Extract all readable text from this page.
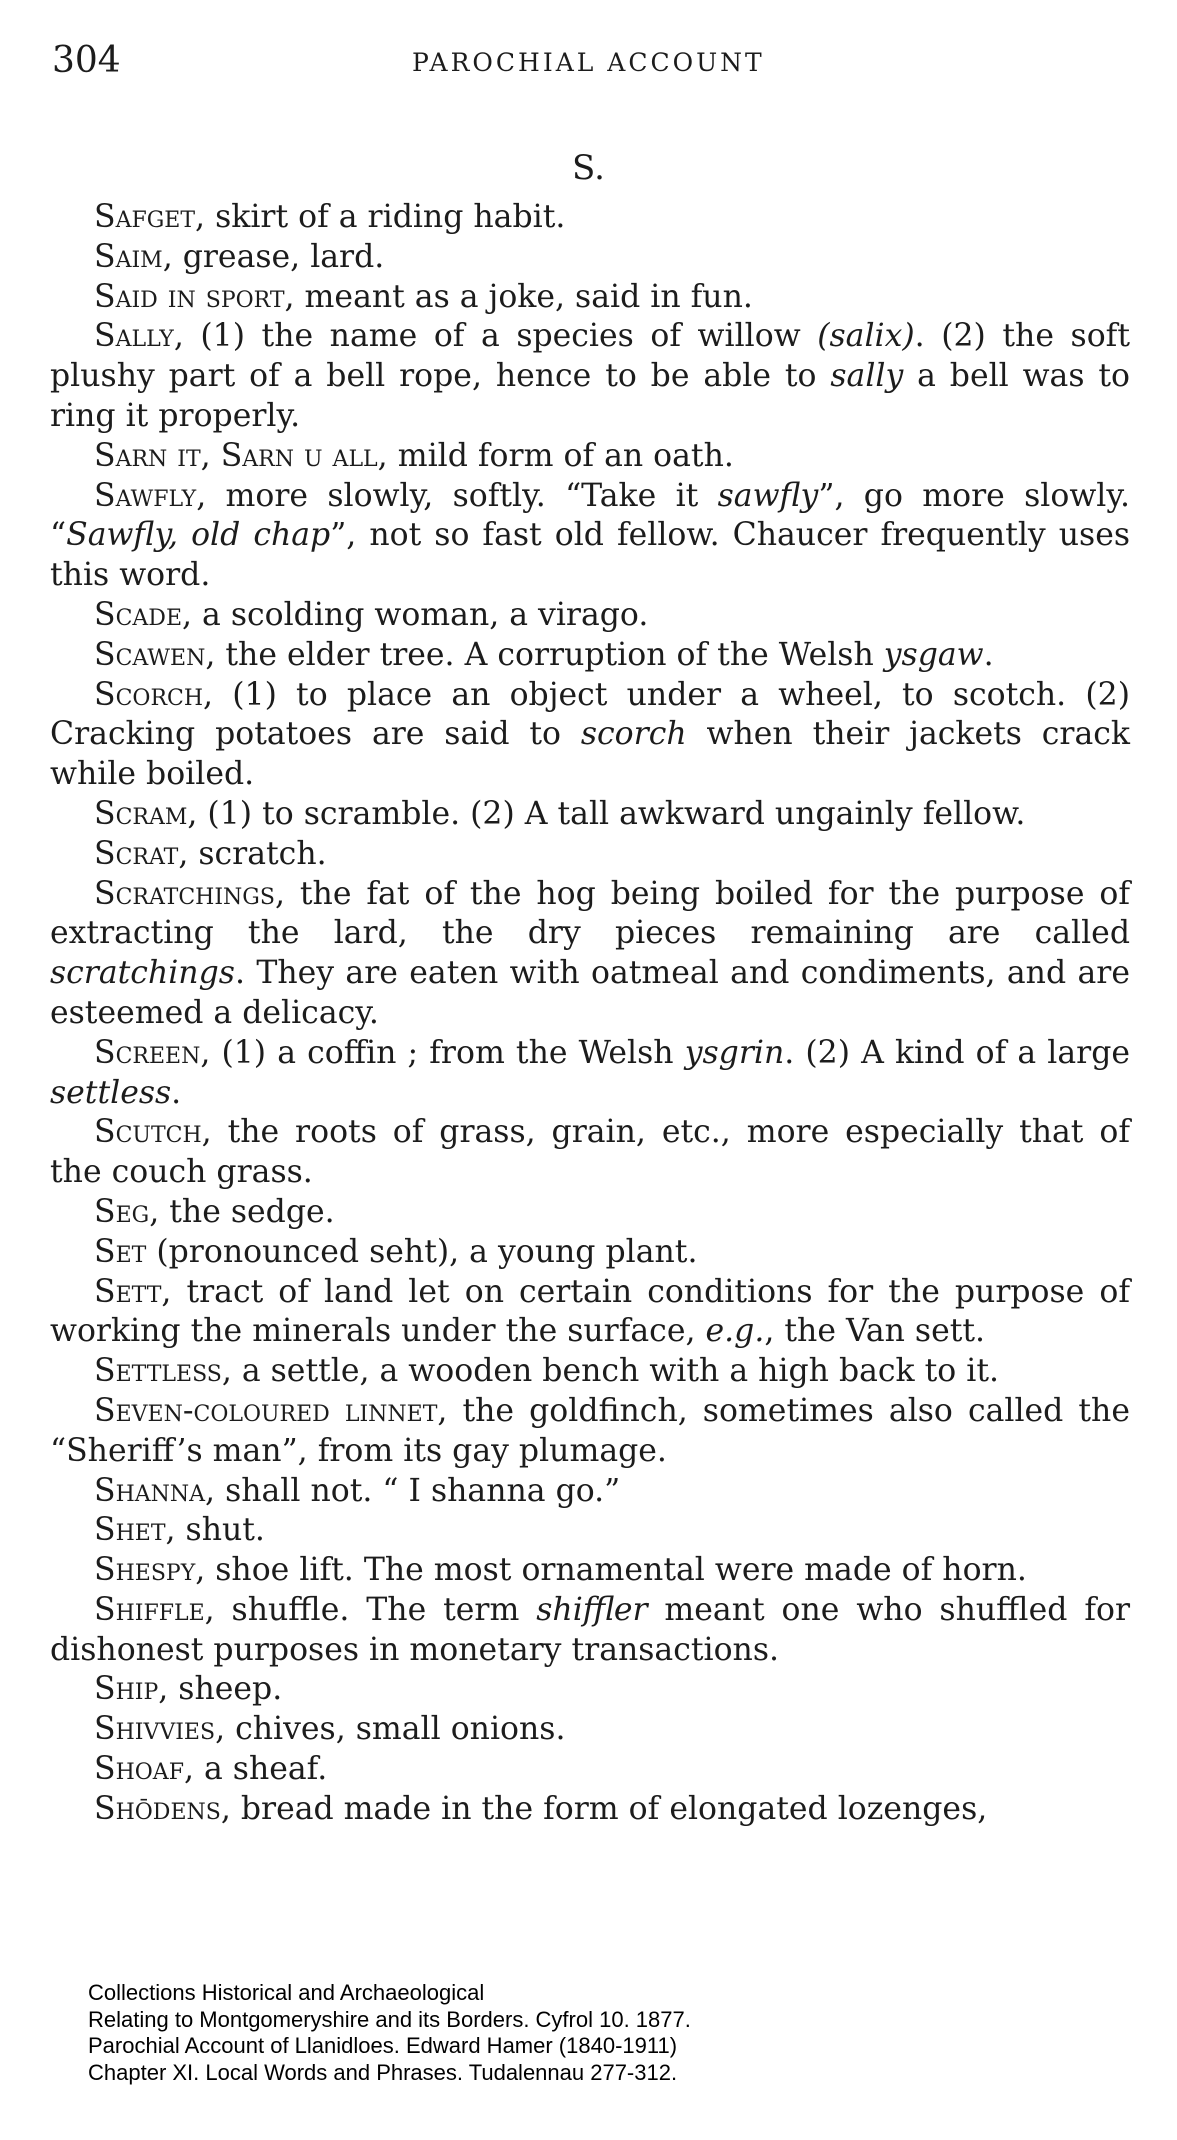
304	PAROCHIAL ACCOUNT
S.

Safget, skirt of a riding habit.

Saim, grease, lard.

Said in sport, meant as a joke, said in fun.

Sally, (1) the name of a species of willow (salix). (2) the soft plushy part of a bell rope, hence to be able to sally a bell was to ring it properly.

Sarn it, Sarn u all, mild form of an oath.

Sawfly, more slowly, softly. “Take it sawfly”, go more slowly. “Sawfly, old chap”, not so fast old fellow. Chaucer frequently uses this word.

Scade, a scolding woman, a virago.

Scawen, the elder tree. A corruption of the Welsh ysgaw.

Scorch, (1) to place an object under a wheel, to scotch. (2) Cracking potatoes are said to scorch when their jackets crack while boiled.

Scram, (1) to scramble. (2) A tall awkward ungainly fellow.

Scrat, scratch.

Scratchings, the fat of the hog being boiled for the purpose of extracting the lard, the dry pieces remaining are called scratchings. They are eaten with oatmeal and condiments, and are esteemed a delicacy.

Screen, (1) a coffin ; from the Welsh ysgrin. (2) A kind of a large settless.

Scutch, the roots of grass, grain, etc., more especially that of the couch grass.

Seg, the sedge.

Set (pronounced seht), a young plant.

Sett, tract of land let on certain conditions for the purpose of working the minerals under the surface, e.g., the Van sett.

Settless, a settle, a wooden bench with a high back to it.

Seven-coloured linnet, the goldfinch, sometimes also called the “Sheriff’s man”, from its gay plumage.

Shanna, shall not. “ I shanna go.”

Shet, shut.

Shespy, shoe lift. The most ornamental were made of horn.

Shiffle, shuffle. The term shiffler meant one who shuffled for dishonest purposes in monetary transactions.

Ship, sheep.

Shivvies, chives, small onions.

Shoaf, a sheaf.

Shōdens, bread made in the form of elongated lozenges,

Collections Historical and Archaeological
Relating to Montgomeryshire and its Borders. Cyfrol 10. 1877.
Parochial Account of Llanidloes. Edward Hamer (1840-1911)
Chapter XI. Local Words and Phrases. Tudalennau 277-312.
